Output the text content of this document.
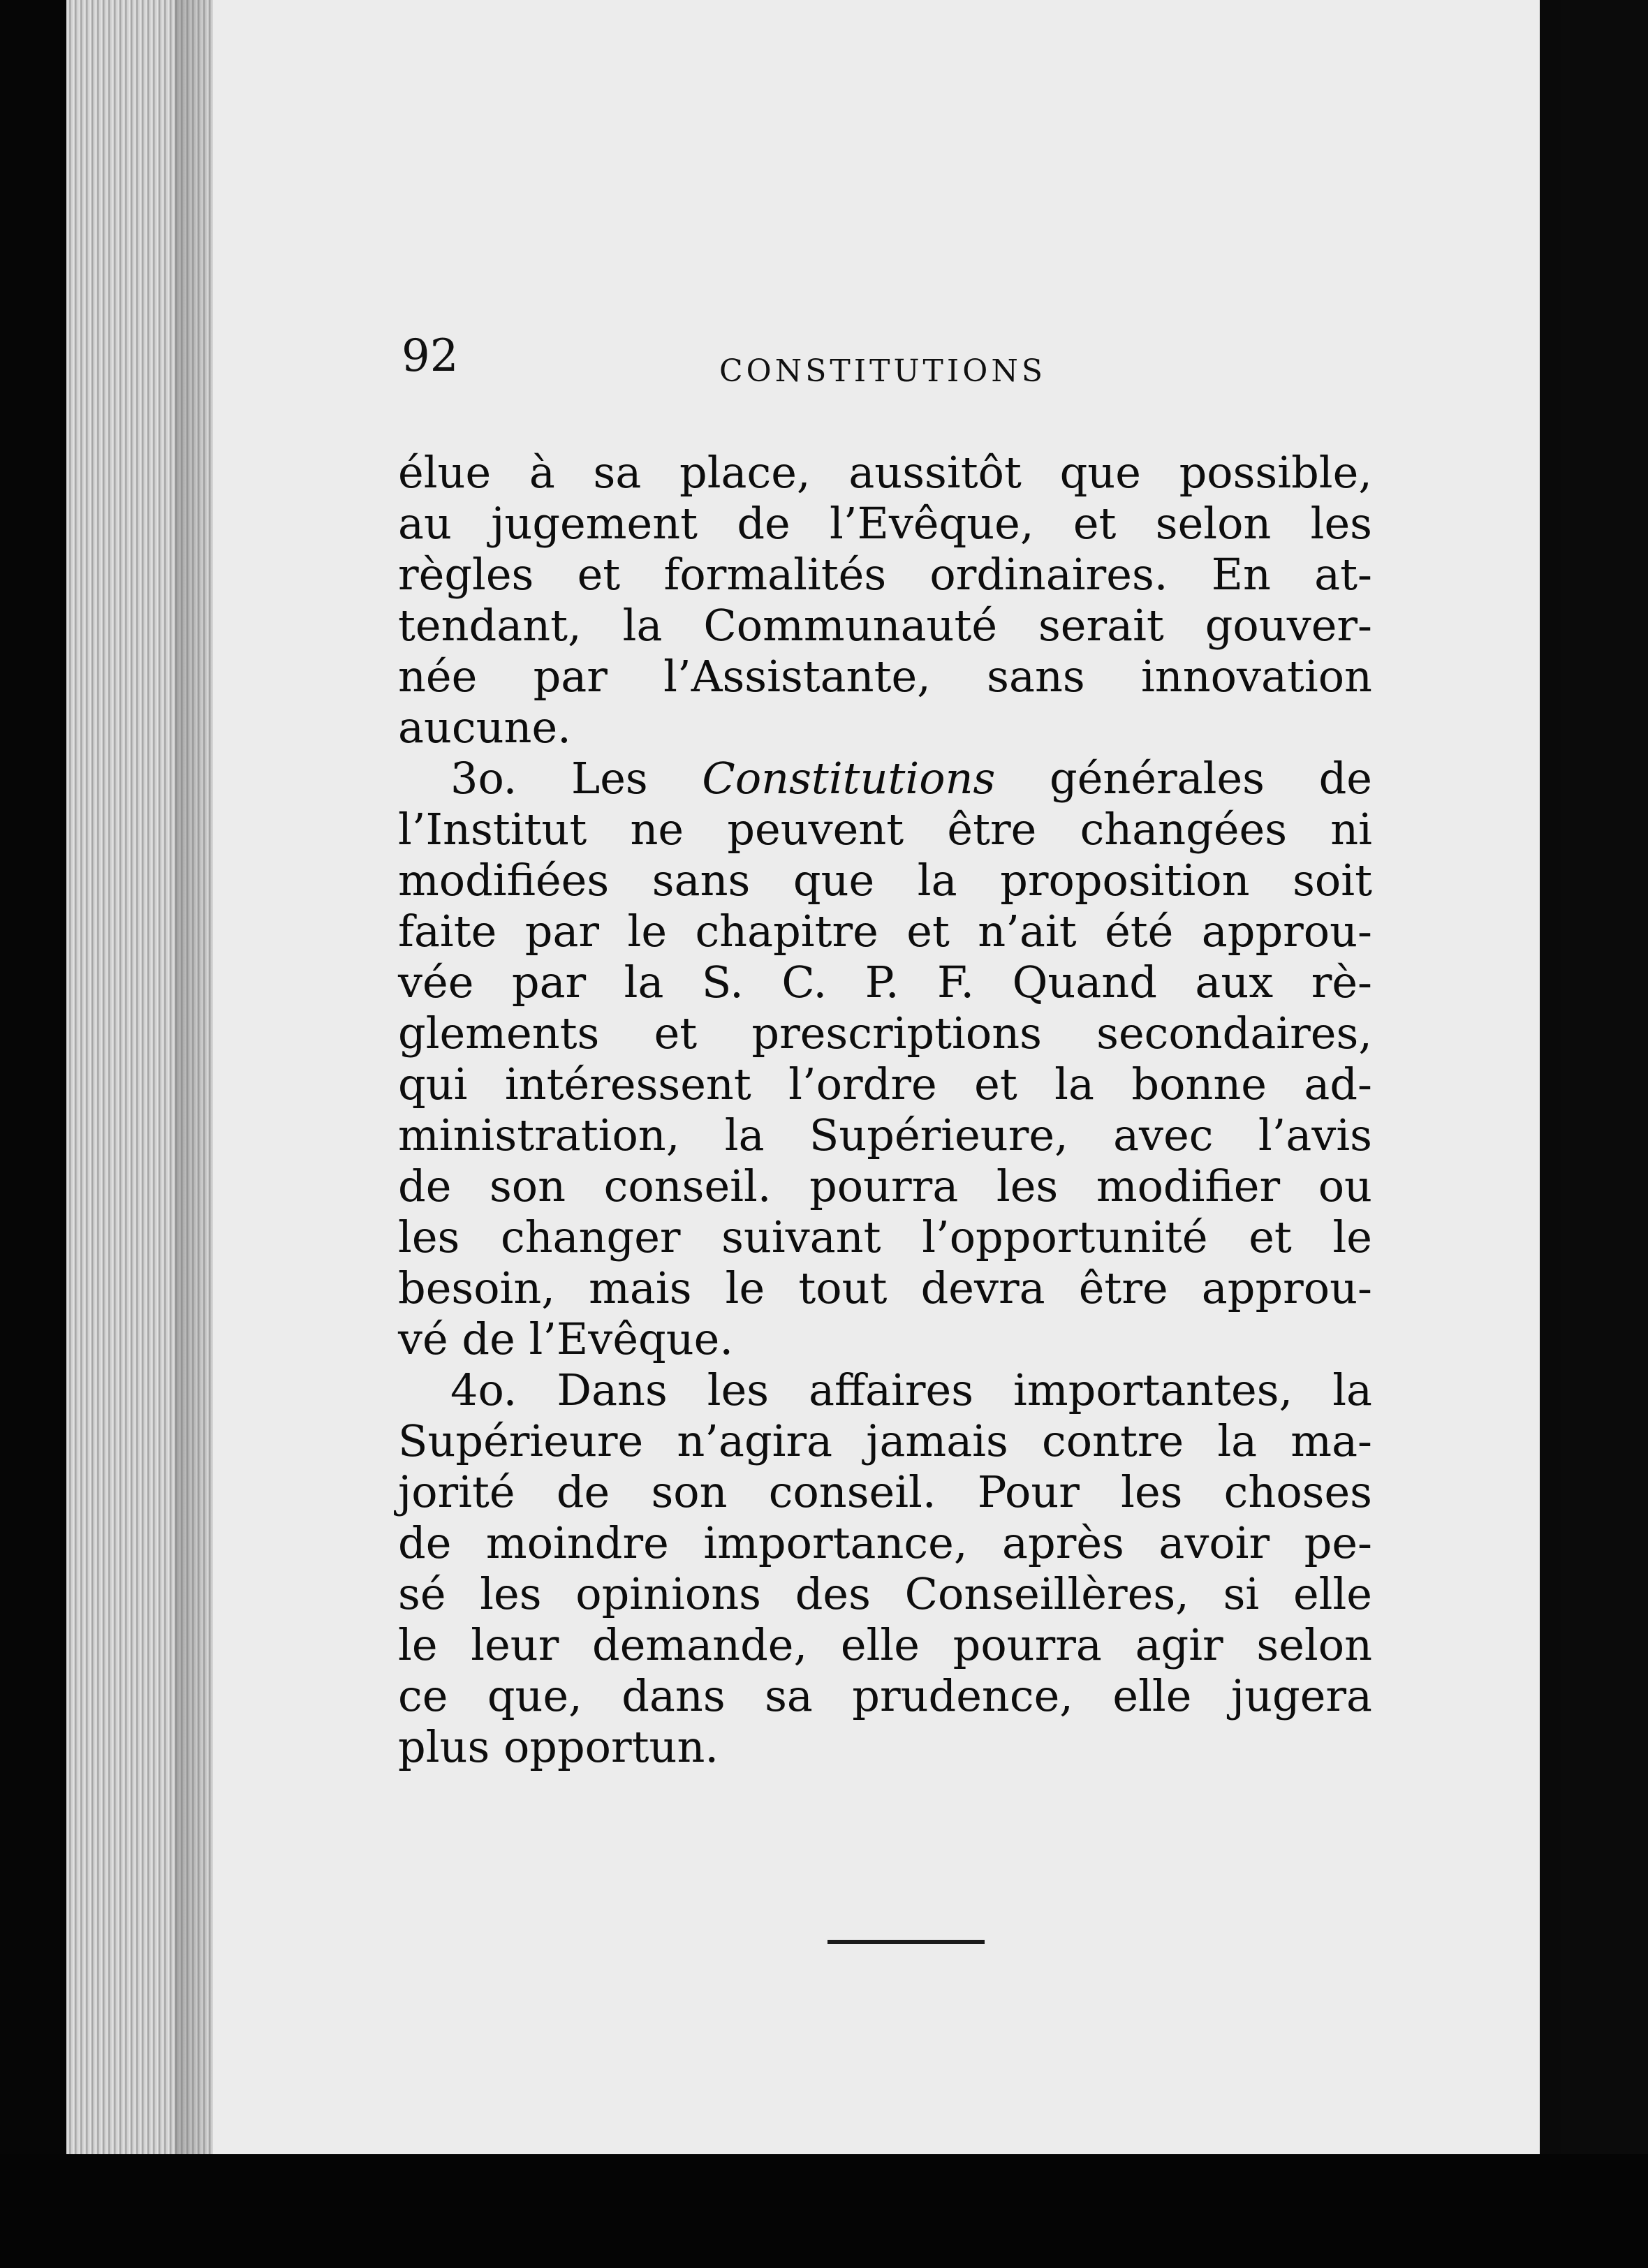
92	CONSTITUTIONS
élue à sa place, aussitôt que possible,
au jugement de l’Evêque, et selon les
règles et formalités ordinaires. En at-
tendant, la Communauté serait gouver-
née par l’Assistante, sans innovation
aucune.
3o. Les Constitutions générales de
l’Institut ne peuvent être changées ni
modifiées sans que la proposition soit
faite par le chapitre et n’ait été approu-
vée par la S. C. P. F. Quand aux rè-
glements et prescriptions secondaires,
qui intéressent l’ordre et la bonne ad-
ministration, la Supérieure, avec l’avis
de son conseil. pourra les modifier ou
les changer suivant l’opportunité et le
besoin, mais le tout devra être approu-
vé de l’Evêque.
4o. Dans les affaires importantes, la
Supérieure n’agira jamais contre la ma-
jorité de son conseil. Pour les choses
de moindre importance, après avoir pe-
sé les opinions des Conseillères, si elle
le leur demande, elle pourra agir selon
ce que, dans sa prudence, elle jugera
plus opportun.
